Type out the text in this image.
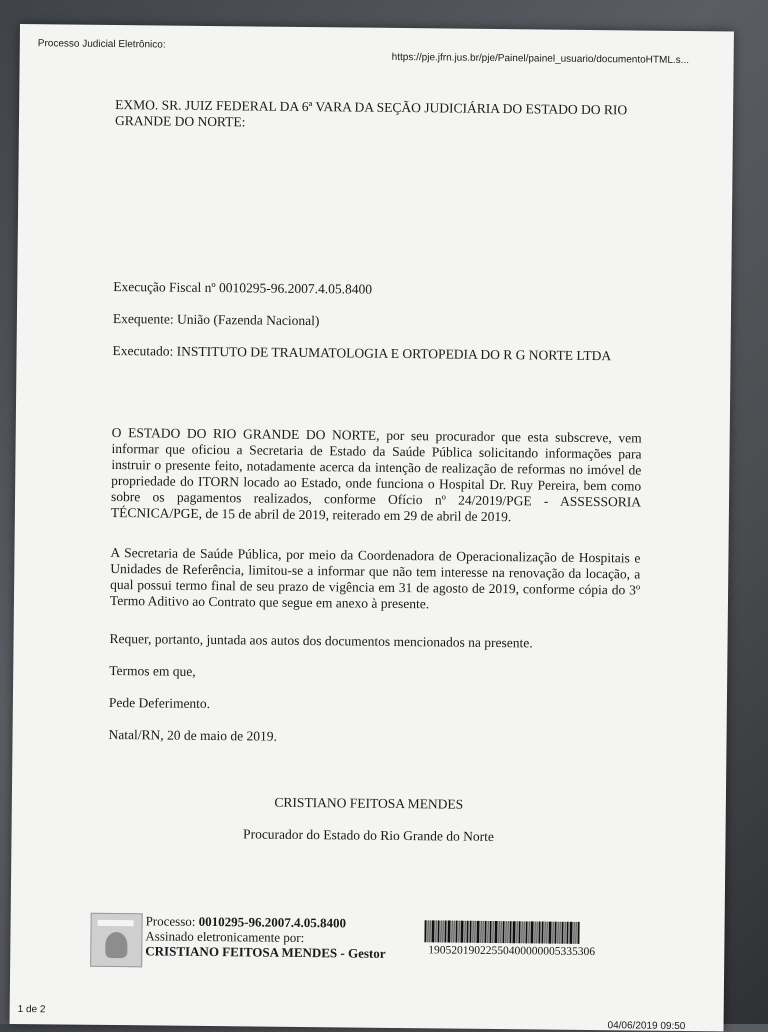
Processo Judicial Eletrônico:
https://pje.jfrn.jus.br/pje/Painel/painel_usuario/documentoHTML.s...
EXMO. SR. JUIZ FEDERAL DA 6ª VARA DA SEÇÃO JUDICIÁRIA DO ESTADO DO RIO GRANDE DO NORTE:
Execução Fiscal nº 0010295-96.2007.4.05.8400
Exequente: União (Fazenda Nacional)
Executado: INSTITUTO DE TRAUMATOLOGIA E ORTOPEDIA DO R G NORTE LTDA
O ESTADO DO RIO GRANDE DO NORTE, por seu procurador que esta subscreve, vem informar que oficiou a Secretaria de Estado da Saúde Pública solicitando informações para instruir o presente feito, notadamente acerca da intenção de realização de reformas no imóvel de propriedade do ITORN locado ao Estado, onde funciona o Hospital Dr. Ruy Pereira, bem como sobre os pagamentos realizados, conforme Ofício nº 24/2019/PGE - ASSESSORIA TÉCNICA/PGE, de 15 de abril de 2019, reiterado em 29 de abril de 2019.
A Secretaria de Saúde Pública, por meio da Coordenadora de Operacionalização de Hospitais e Unidades de Referência, limitou-se a informar que não tem interesse na renovação da locação, a qual possui termo final de seu prazo de vigência em 31 de agosto de 2019, conforme cópia do 3º Termo Aditivo ao Contrato que segue em anexo à presente.
Requer, portanto, juntada aos autos dos documentos mencionados na presente.
Termos em que,
Pede Deferimento.
Natal/RN, 20 de maio de 2019.
CRISTIANO FEITOSA MENDES
Procurador do Estado do Rio Grande do Norte
Processo: 0010295-96.2007.4.05.8400
Assinado eletronicamente por:
CRISTIANO FEITOSA MENDES - Gestor	19052019022550400000005335306
1 de 2
04/06/2019 09:50
